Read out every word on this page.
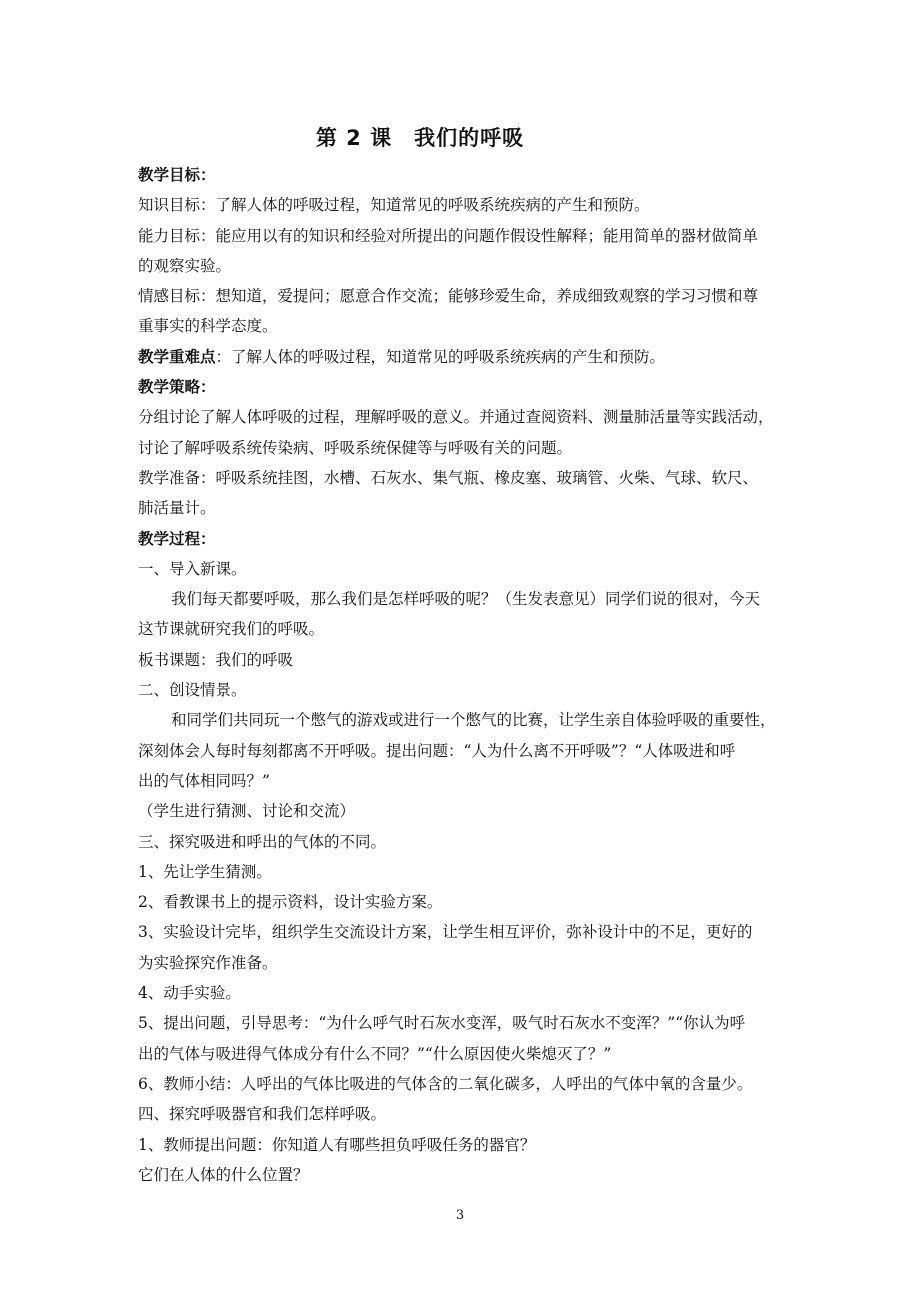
第 2 课　我们的呼吸
教学目标：
知识目标：了解人体的呼吸过程，知道常见的呼吸系统疾病的产生和预防。
能力目标：能应用以有的知识和经验对所提出的问题作假设性解释；能用简单的器材做简单
的观察实验。
情感目标：想知道，爱提问；愿意合作交流；能够珍爱生命，养成细致观察的学习习惯和尊
重事实的科学态度。
教学重难点：了解人体的呼吸过程，知道常见的呼吸系统疾病的产生和预防。
教学策略：
分组讨论了解人体呼吸的过程，理解呼吸的意义。并通过查阅资料、测量肺活量等实践活动，
讨论了解呼吸系统传染病、呼吸系统保健等与呼吸有关的问题。
教学准备：呼吸系统挂图，水槽、石灰水、集气瓶、橡皮塞、玻璃管、火柴、气球、软尺、
肺活量计。
教学过程：
一、导入新课。
我们每天都要呼吸，那么我们是怎样呼吸的呢？（生发表意见）同学们说的很对，今天
这节课就研究我们的呼吸。
板书课题：我们的呼吸
二、创设情景。
和同学们共同玩一个憋气的游戏或进行一个憋气的比赛，让学生亲自体验呼吸的重要性，
深刻体会人每时每刻都离不开呼吸。提出问题：“人为什么离不开呼吸”？“人体吸进和呼
出的气体相同吗？”
（学生进行猜测、讨论和交流）
三、探究吸进和呼出的气体的不同。
1、先让学生猜测。
2、看教课书上的提示资料，设计实验方案。
3、实验设计完毕，组织学生交流设计方案，让学生相互评价，弥补设计中的不足，更好的
为实验探究作准备。
4、动手实验。
5、提出问题，引导思考：“为什么呼气时石灰水变浑，吸气时石灰水不变浑？”“你认为呼
出的气体与吸进得气体成分有什么不同？”“什么原因使火柴熄灭了？”
6、教师小结：人呼出的气体比吸进的气体含的二氧化碳多，人呼出的气体中氧的含量少。
四、探究呼吸器官和我们怎样呼吸。
1、教师提出问题：你知道人有哪些担负呼吸任务的器官？
它们在人体的什么位置？
3
